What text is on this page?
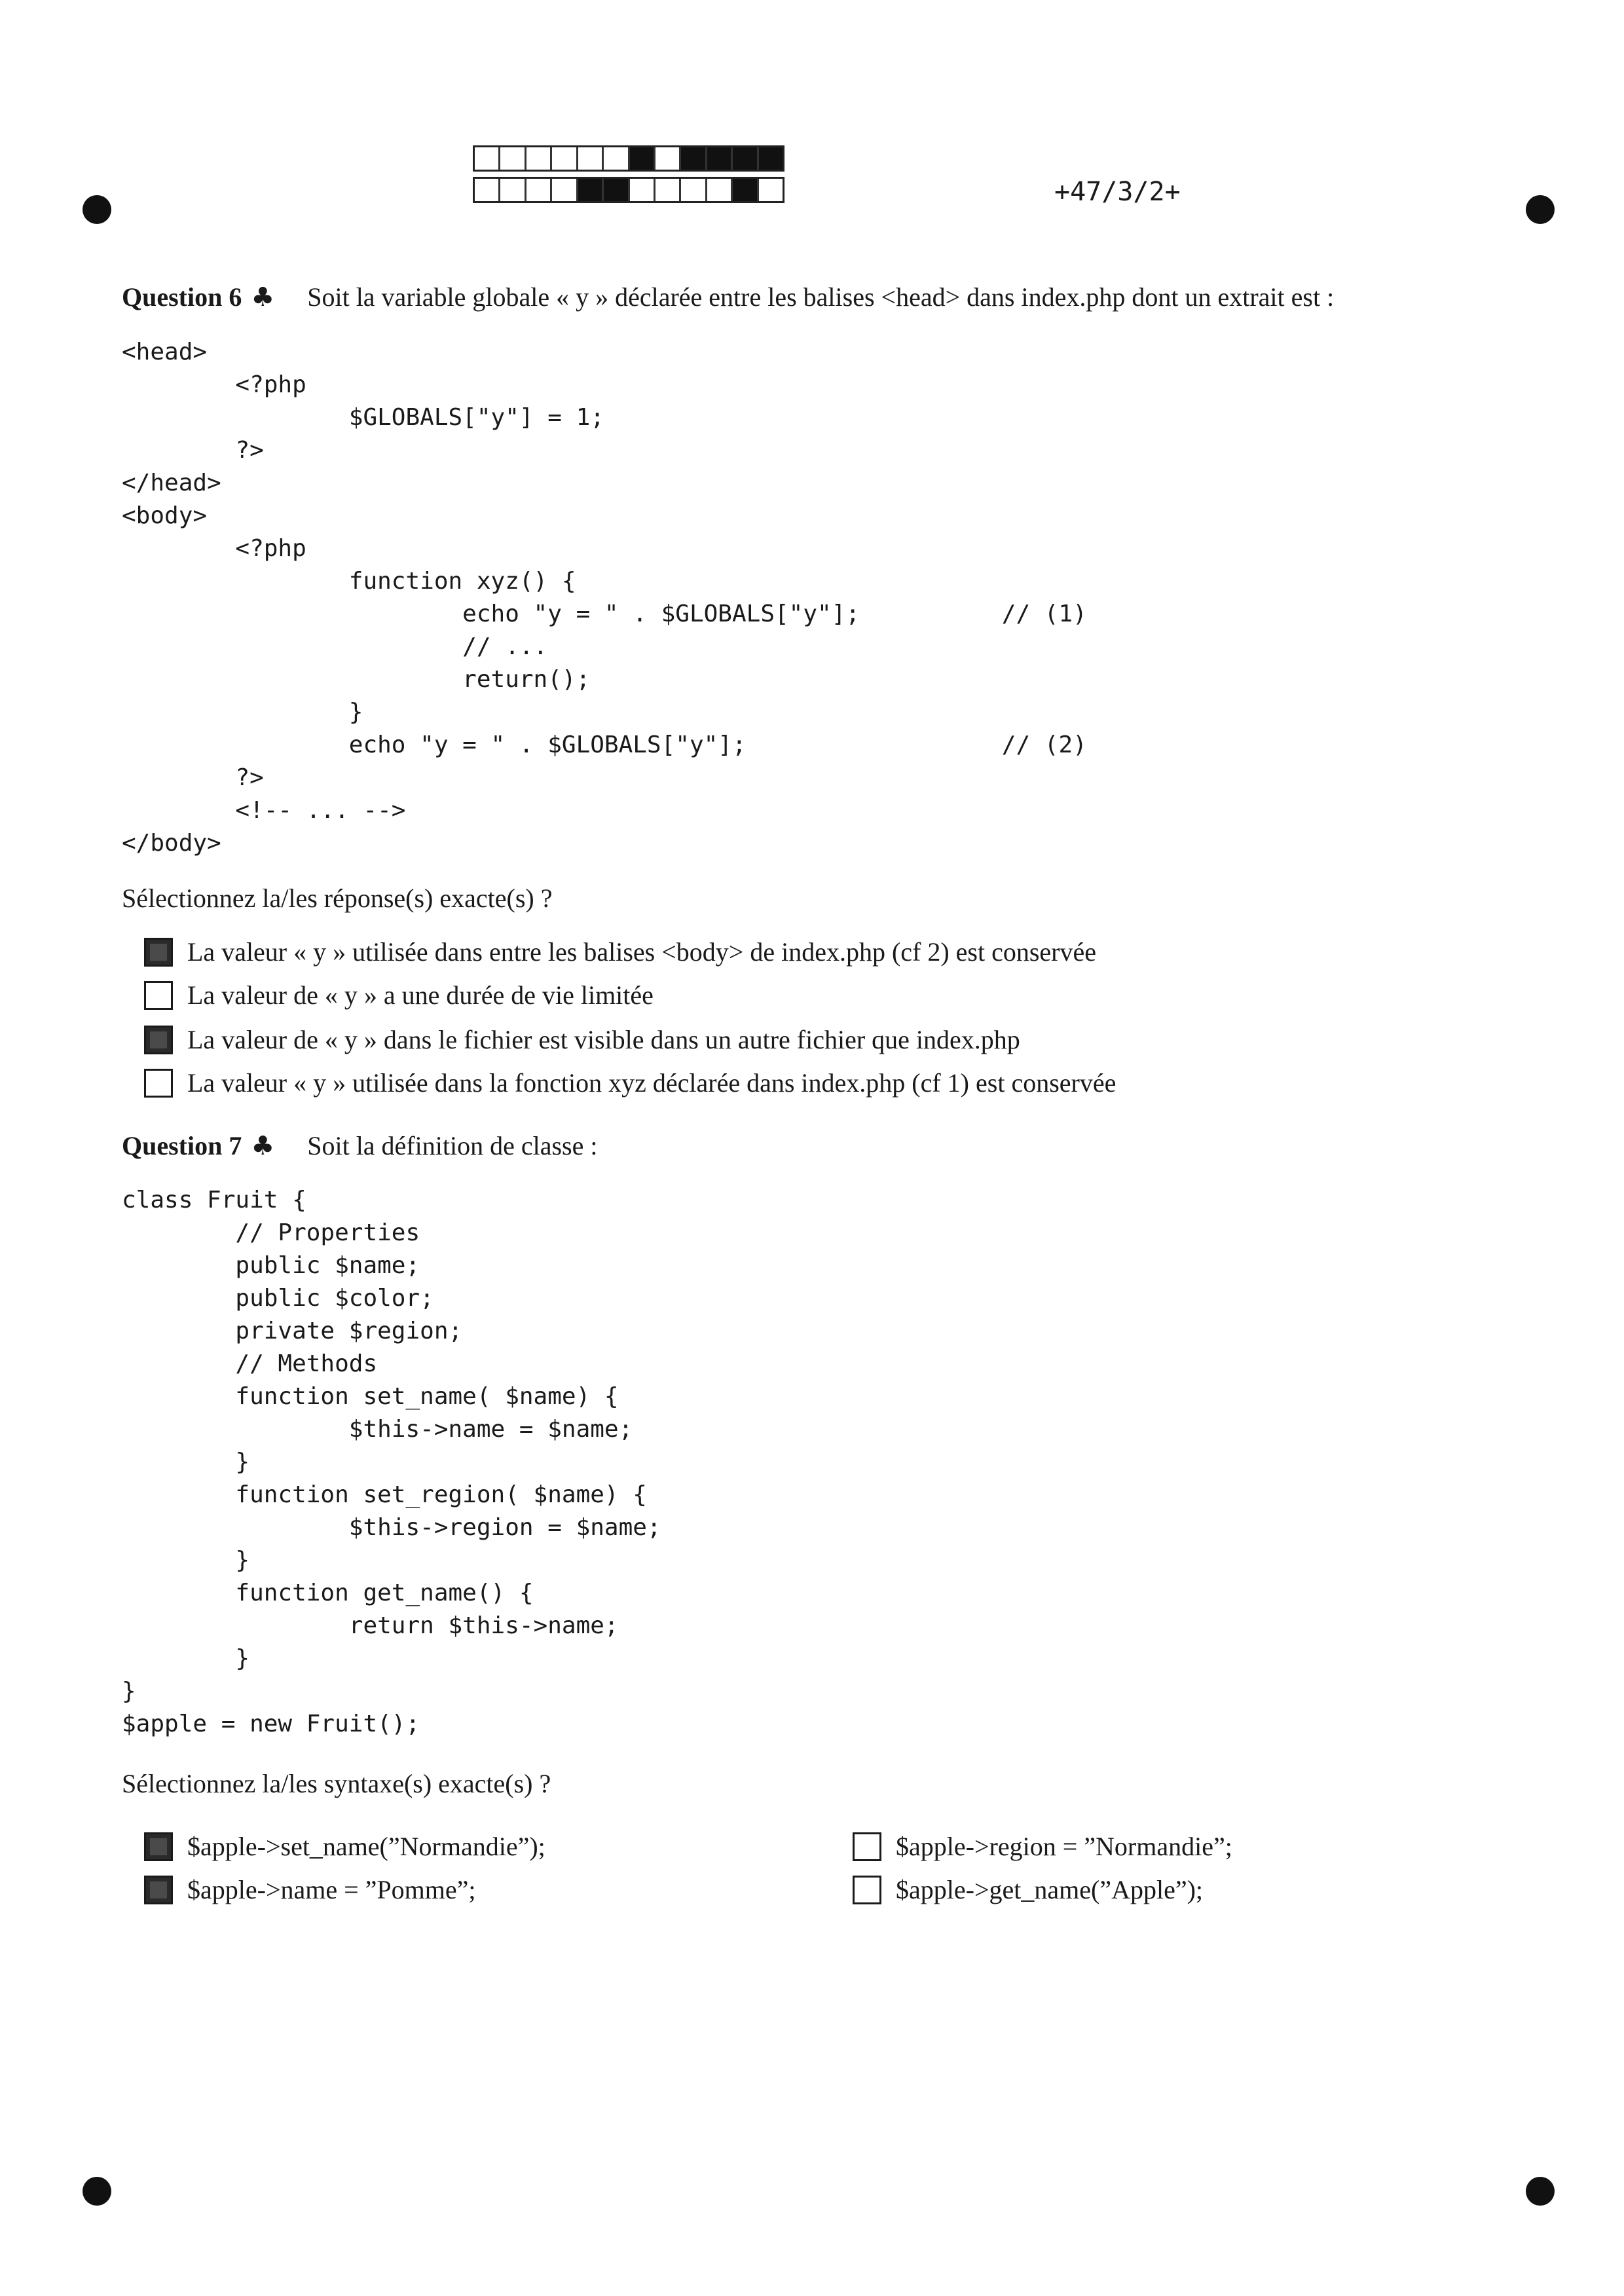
+47/3/2+
Question 6 ♣ Soit la variable globale « y » déclarée entre les balises <head> dans index.php dont un extrait est :
<head>
<?php
$GLOBALS["y"] = 1;
?>
</head>
<body>
<?php
function xyz() {
echo "y = " . $GLOBALS["y"];          // (1)
// ...
return();
}
echo "y = " . $GLOBALS["y"];                  // (2)
?>
<!-- ... -->
</body>
Sélectionnez la/les réponse(s) exacte(s) ?
La valeur « y » utilisée dans entre les balises <body> de index.php (cf 2) est conservée
La valeur de « y » a une durée de vie limitée
La valeur de « y » dans le fichier est visible dans un autre fichier que index.php
La valeur « y » utilisée dans la fonction xyz déclarée dans index.php (cf 1) est conservée
Question 7 ♣ Soit la définition de classe :
class Fruit {
// Properties
public $name;
public $color;
private $region;
// Methods
function set_name( $name) {
$this->name = $name;
}
function set_region( $name) {
$this->region = $name;
}
function get_name() {
return $this->name;
}
}
$apple = new Fruit();
Sélectionnez la/les syntaxe(s) exacte(s) ?
$apple->set_name(”Normandie”);
$apple->name = ”Pomme”;
$apple->region = ”Normandie”;
$apple->get_name(”Apple”);
